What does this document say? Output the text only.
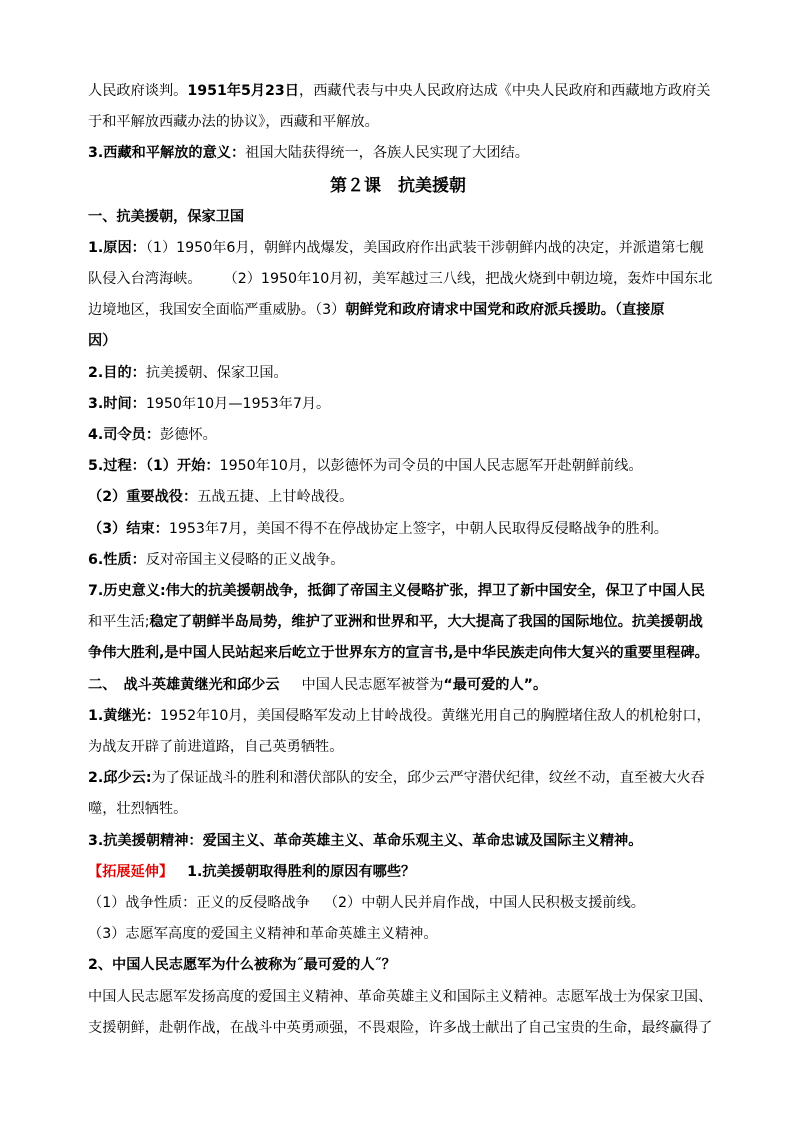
人民政府谈判。1951年5月23日，西藏代表与中央人民政府达成《中央人民政府和西藏地方政府关
于和平解放西藏办法的协议》，西藏和平解放。
3.西藏和平解放的意义：祖国大陆获得统一，各族人民实现了大团结。
第２课　抗美援朝
一、抗美援朝，保家卫国
1.原因：（1）1950年6月，朝鲜内战爆发，美国政府作出武装干涉朝鲜内战的决定，并派遣第七舰
队侵入台湾海峡。 （2）1950年10月初，美军越过三八线，把战火烧到中朝边境，轰炸中国东北
边境地区，我国安全面临严重威胁。（3）朝鲜党和政府请求中国党和政府派兵援助。（直接原
因）
2.目的：抗美援朝、保家卫国。
3.时间：1950年10月—1953年7月。
4.司令员：彭德怀。
5.过程：（1）开始：1950年10月，以彭德怀为司令员的中国人民志愿军开赴朝鲜前线。
（2）重要战役：五战五捷、上甘岭战役。
（3）结束：1953年7月，美国不得不在停战协定上签字，中朝人民取得反侵略战争的胜利。
6.性质：反对帝国主义侵略的正义战争。
7.历史意义:伟大的抗美援朝战争，抵御了帝国主义侵略扩张，捍卫了新中国安全，保卫了中国人民
和平生活;稳定了朝鲜半岛局势，维护了亚洲和世界和平，大大提高了我国的国际地位。抗美援朝战
争伟大胜利,是中国人民站起来后屹立于世界东方的宣言书,是中华民族走向伟大复兴的重要里程碑。
二、　战斗英雄黄继光和邱少云 中国人民志愿军被誉为“最可爱的人”。
1.黄继光：1952年10月，美国侵略军发动上甘岭战役。黄继光用自己的胸膛堵住敌人的机枪射口，
为战友开辟了前进道路，自己英勇牺牲。
2.邱少云:为了保证战斗的胜利和潜伏部队的安全，邱少云严守潜伏纪律，纹丝不动，直至被大火吞
噬，壮烈牺牲。
3.抗美援朝精神：爱国主义、革命英雄主义、革命乐观主义、革命忠诚及国际主义精神。
【拓展延伸】 1.抗美援朝取得胜利的原因有哪些？
（1）战争性质：正义的反侵略战争 （2）中朝人民并肩作战，中国人民积极支援前线。
（3）志愿军高度的爱国主义精神和革命英雄主义精神。
2、中国人民志愿军为什么被称为˝最可爱的人˝？
中国人民志愿军发扬高度的爱国主义精神、革命英雄主义和国际主义精神。志愿军战士为保家卫国、
支援朝鲜，赴朝作战，在战斗中英勇顽强，不畏艰险，许多战士献出了自己宝贵的生命，最终赢得了
